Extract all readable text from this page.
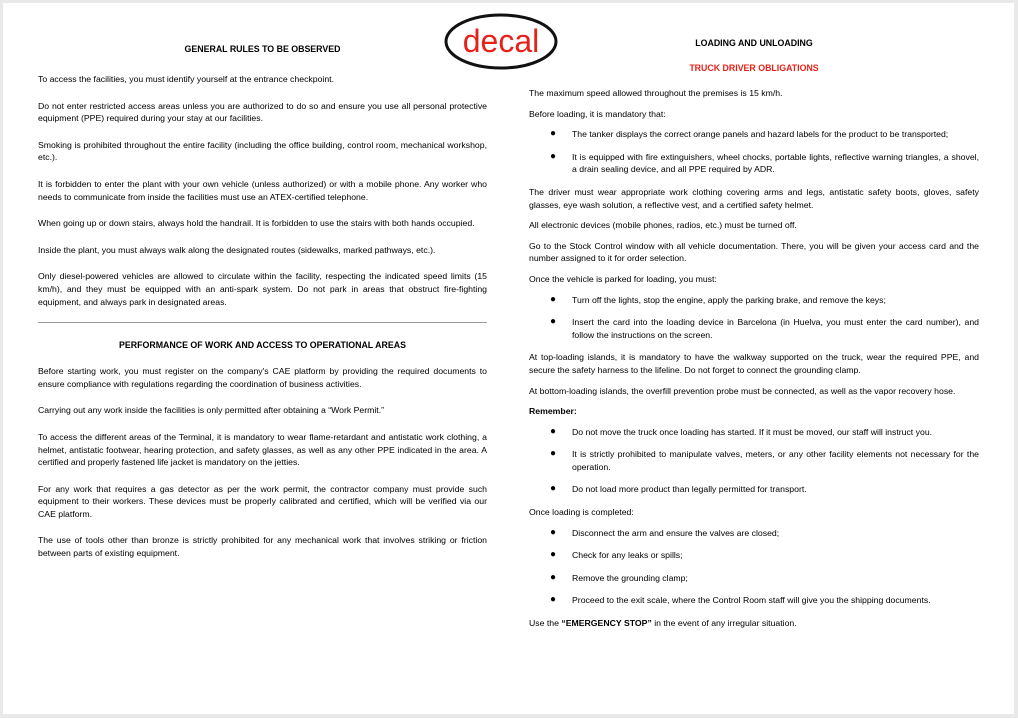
decal
GENERAL RULES TO BE OBSERVED

To access the facilities, you must identify yourself at the entrance checkpoint.

Do not enter restricted access areas unless you are authorized to do so and ensure you use all personal protective equipment (PPE) required during your stay at our facilities.

Smoking is prohibited throughout the entire facility (including the office building, control room, mechanical workshop, etc.).

It is forbidden to enter the plant with your own vehicle (unless authorized) or with a mobile phone. Any worker who needs to communicate from inside the facilities must use an ATEX-certified telephone.

When going up or down stairs, always hold the handrail. It is forbidden to use the stairs with both hands occupied.

Inside the plant, you must always walk along the designated routes (sidewalks, marked pathways, etc.).

Only diesel-powered vehicles are allowed to circulate within the facility, respecting the indicated speed limits (15 km/h), and they must be equipped with an anti-spark system. Do not park in areas that obstruct fire-fighting equipment, and always park in designated areas.

PERFORMANCE OF WORK AND ACCESS TO OPERATIONAL AREAS

Before starting work, you must register on the company's CAE platform by providing the required documents to ensure compliance with regulations regarding the coordination of business activities.

Carrying out any work inside the facilities is only permitted after obtaining a “Work Permit.”

To access the different areas of the Terminal, it is mandatory to wear flame-retardant and antistatic work clothing, a helmet, antistatic footwear, hearing protection, and safety glasses, as well as any other PPE indicated in the area. A certified and properly fastened life jacket is mandatory on the jetties.

For any work that requires a gas detector as per the work permit, the contractor company must provide such equipment to their workers. These devices must be properly calibrated and certified, which will be verified via our CAE platform.

The use of tools other than bronze is strictly prohibited for any mechanical work that involves striking or friction between parts of existing equipment.

LOADING AND UNLOADING
TRUCK DRIVER OBLIGATIONS

The maximum speed allowed throughout the premises is 15 km/h.

Before loading, it is mandatory that:

● The tanker displays the correct orange panels and hazard labels for the product to be transported;
● It is equipped with fire extinguishers, wheel chocks, portable lights, reflective warning triangles, a shovel, a drain sealing device, and all PPE required by ADR.

The driver must wear appropriate work clothing covering arms and legs, antistatic safety boots, gloves, safety glasses, eye wash solution, a reflective vest, and a certified safety helmet.

All electronic devices (mobile phones, radios, etc.) must be turned off.

Go to the Stock Control window with all vehicle documentation. There, you will be given your access card and the number assigned to it for order selection.

Once the vehicle is parked for loading, you must:

● Turn off the lights, stop the engine, apply the parking brake, and remove the keys;
● Insert the card into the loading device in Barcelona (in Huelva, you must enter the card number), and follow the instructions on the screen.

At top-loading islands, it is mandatory to have the walkway supported on the truck, wear the required PPE, and secure the safety harness to the lifeline. Do not forget to connect the grounding clamp.

At bottom-loading islands, the overfill prevention probe must be connected, as well as the vapor recovery hose.

Remember:

● Do not move the truck once loading has started. If it must be moved, our staff will instruct you.
● It is strictly prohibited to manipulate valves, meters, or any other facility elements not necessary for the operation.
● Do not load more product than legally permitted for transport.

Once loading is completed:

● Disconnect the arm and ensure the valves are closed;
● Check for any leaks or spills;
● Remove the grounding clamp;
● Proceed to the exit scale, where the Control Room staff will give you the shipping documents.

Use the “EMERGENCY STOP” in the event of any irregular situation.
